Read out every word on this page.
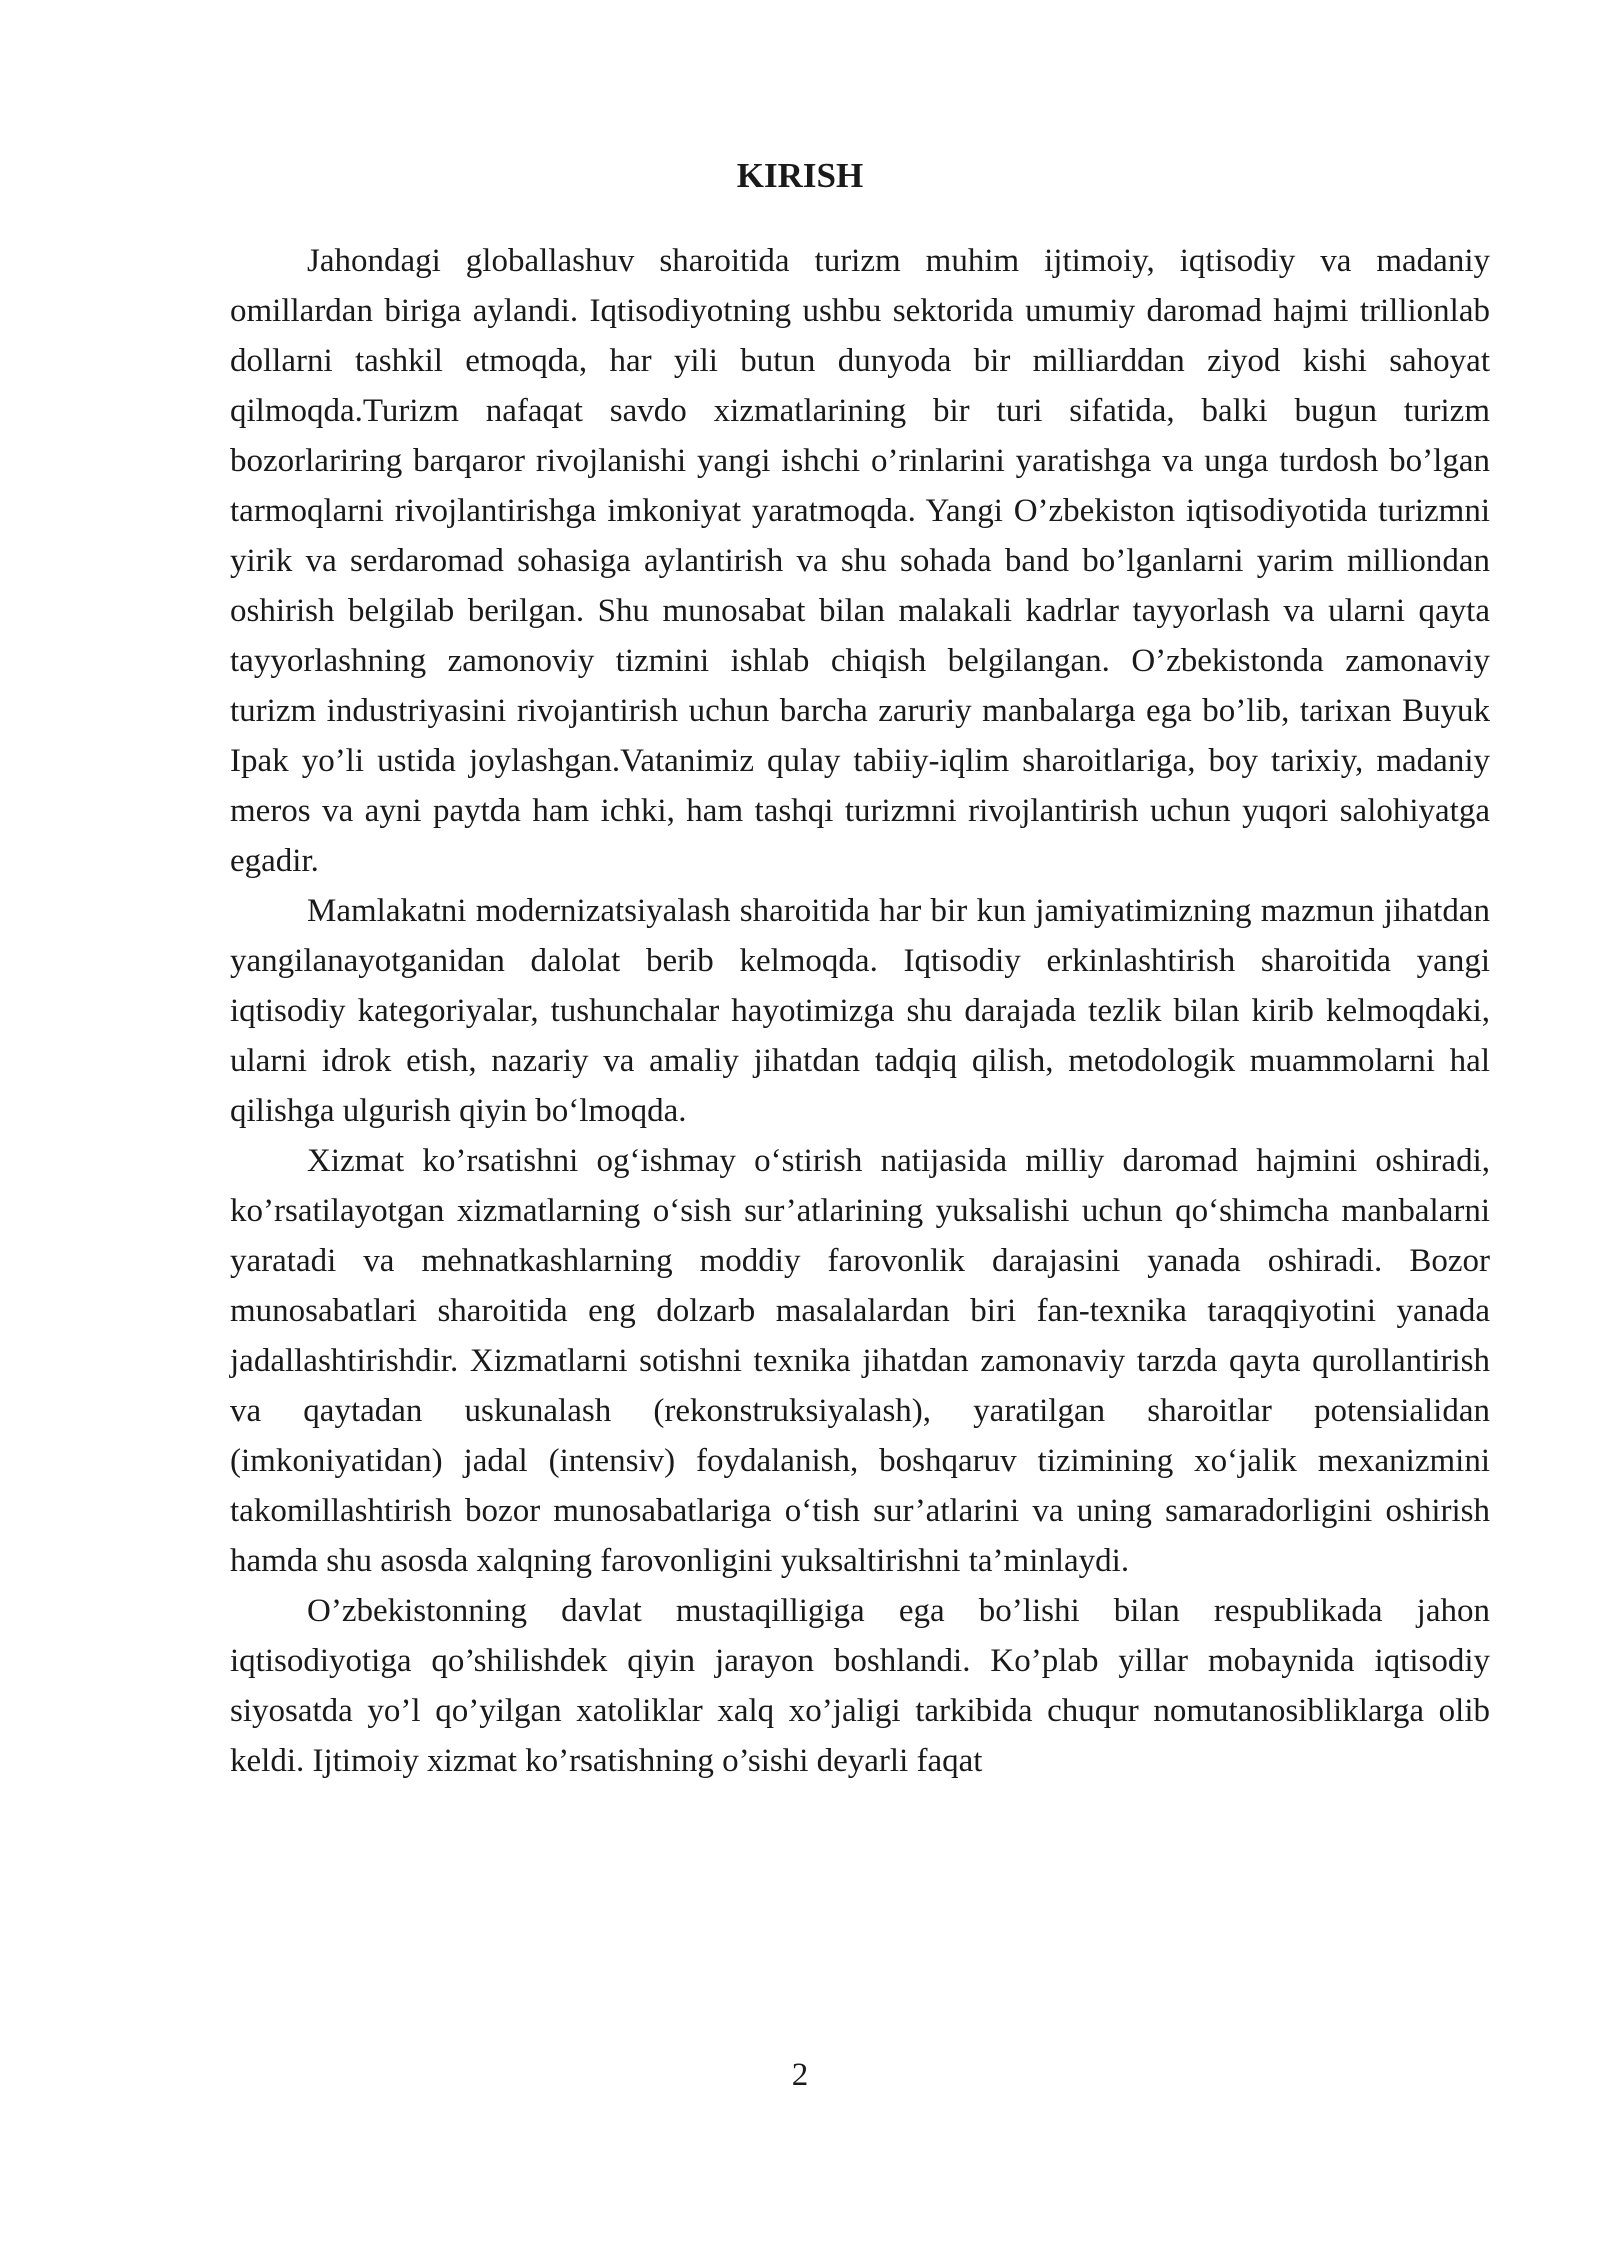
KIRISH

Jahondagi globallashuv sharoitida turizm muhim ijtimoiy, iqtisodiy va madaniy omillardan biriga aylandi. Iqtisodiyotning ushbu sektorida umumiy daromad hajmi trillionlab dollarni tashkil etmoqda, har yili butun dunyoda bir milliarddan ziyod kishi sahoyat qilmoqda.Turizm nafaqat savdo xizmatlarining bir turi sifatida, balki bugun turizm bozorlariring barqaror rivojlanishi yangi ishchi o’rinlarini yaratishga va unga turdosh bo’lgan tarmoqlarni rivojlantirishga imkoniyat yaratmoqda. Yangi O’zbekiston iqtisodiyotida turizmni yirik va serdaromad sohasiga aylantirish va shu sohada band bo’lganlarni yarim milliondan oshirish belgilab berilgan. Shu munosabat bilan malakali kadrlar tayyorlash va ularni qayta tayyorlashning zamonoviy tizmini ishlab chiqish belgilangan. O’zbekistonda zamonaviy turizm industriyasini rivojantirish uchun barcha zaruriy manbalarga ega bo’lib, tarixan Buyuk Ipak yo’li ustida joylashgan.Vatanimiz qulay tabiiy-iqlim sharoitlariga, boy tarixiy, madaniy meros va ayni paytda ham ichki, ham tashqi turizmni rivojlantirish uchun yuqori salohiyatga egadir.

Mamlakatni modernizatsiyalash sharoitida har bir kun jamiyatimizning mazmun jihatdan yangilanayotganidan dalolat berib kelmoqda. Iqtisodiy erkinlashtirish sharoitida yangi iqtisodiy kategoriyalar, tushunchalar hayotimizga shu darajada tezlik bilan kirib kelmoqdaki, ularni idrok etish, nazariy va amaliy jihatdan tadqiq qilish, metodologik muammolarni hal qilishga ulgurish qiyin bo‘lmoqda.

Xizmat ko’rsatishni og‘ishmay o‘stirish natijasida milliy daromad hajmini oshiradi, ko’rsatilayotgan xizmatlarning o‘sish sur’atlarining yuksalishi uchun qo‘shimcha manbalarni yaratadi va mehnatkashlarning moddiy farovonlik darajasini yanada oshiradi. Bozor munosabatlari sharoitida eng dolzarb masalalardan biri fan-texnika taraqqiyotini yanada jadallashtirishdir. Xizmatlarni sotishni texnika jihatdan zamonaviy tarzda qayta qurollantirish va qaytadan uskunalash (rekonstruksiyalash), yaratilgan sharoitlar potensialidan (imkoniyatidan) jadal (intensiv) foydalanish, boshqaruv tizimining xo‘jalik mexanizmini takomillashtirish bozor munosabatlariga o‘tish sur’atlarini va uning samaradorligini oshirish hamda shu asosda xalqning farovonligini yuksaltirishni ta’minlaydi.

O’zbekistonning davlat mustaqilligiga ega bo’lishi bilan respublikada jahon iqtisodiyotiga qo’shilishdek qiyin jarayon boshlandi. Ko’plab yillar mobaynida iqtisodiy siyosatda yo’l qo’yilgan xatoliklar xalq xo’jaligi tarkibida chuqur nomutanosibliklarga olib keldi. Ijtimoiy xizmat ko’rsatishning o’sishi deyarli faqat

2
